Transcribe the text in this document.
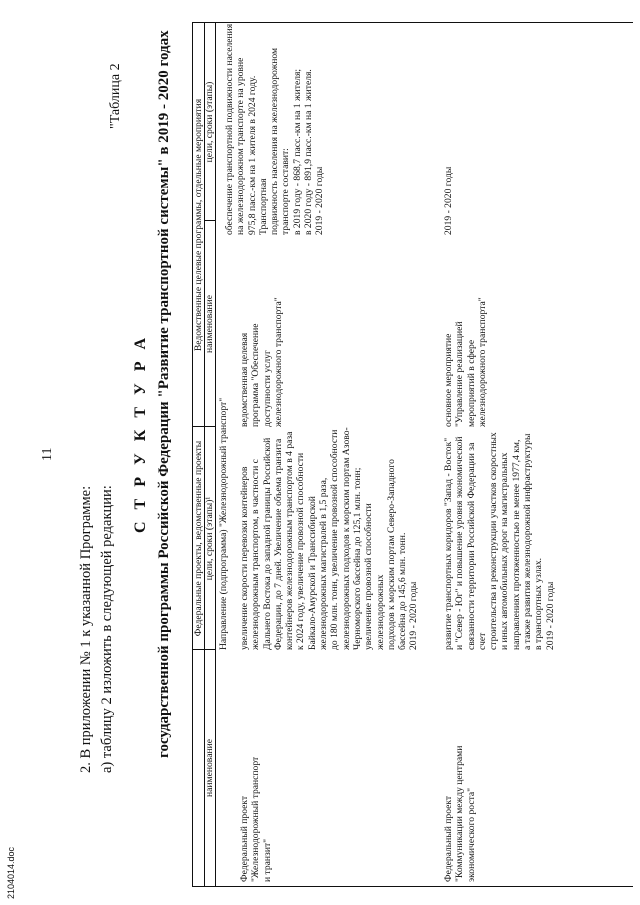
2104014.doc
11
2. В приложении № 1 к указанной Программе: а) таблицу 2 изложить в следующей редакции:
"Таблица 2
С Т Р У К Т У Р А государственной программы Российской Федерации "Развитие транспортной системы" в 2019 - 2020 годах Федеральные проекты, ведомственные проекты
Ведомственные целевые программы, отдельные мероприятия
наименование
цели, сроки (этапы)¹
наименование
цели, сроки (этапы)
Направление (подпрограмма) "Железнодорожный транспорт"
Федеральный проект
"Железнодорожный транспорт
и транзит"
увеличение скорости перевозки контейнеров
железнодорожным транспортом, в частности с
Дальнего Востока до западной границы Российской
Федерации, до 7 дней. Увеличение объема транзита
контейнеров железнодорожным транспортом в 4 раза
к 2024 году, увеличение провозной способности
Байкало-Амурской и Транссибирской
железнодорожных магистралей в 1,5 раза,
до 180 млн. тонн, увеличение провозной способности
железнодорожных подходов к морским портам Азово-
Черноморского бассейна до 125,1 млн. тонн;
увеличение провозной способности железнодорожных
подходов к морским портам Северо-Западного
бассейна до 145,6 млн. тонн.
2019 - 2020 годы
ведомственная целевая
программа "Обеспечение
доступности услуг
железнодорожного транспорта"
обеспечение транспортной подвижности населения
на железнодорожном транспорте на уровне
975,8 пасс.-км на 1 жителя в 2024 году. Транспортная
подвижность населения на железнодорожном
транспорте составит:
в 2019 году - 868,7 пасс.-км на 1 жителя;
в 2020 году - 891,9 пасс.-км на 1 жителя.
2019 - 2020 годы
Федеральный проект
"Коммуникации между центрами
экономического роста"
развитие транспортных коридоров "Запад - Восток"
и "Север - Юг" и повышение уровня экономической
связанности территории Российской Федерации за счет
строительства и реконструкции участков скоростных
и иных автомобильных дорог на магистральных
направлениях протяженностью не менее 1977,4 км,
а также развития железнодорожной инфраструктуры
в транспортных узлах.
2019 - 2020 годы
основное мероприятие
"Управление реализацией
мероприятий в сфере
железнодорожного транспорта"
2019 - 2020 годы
